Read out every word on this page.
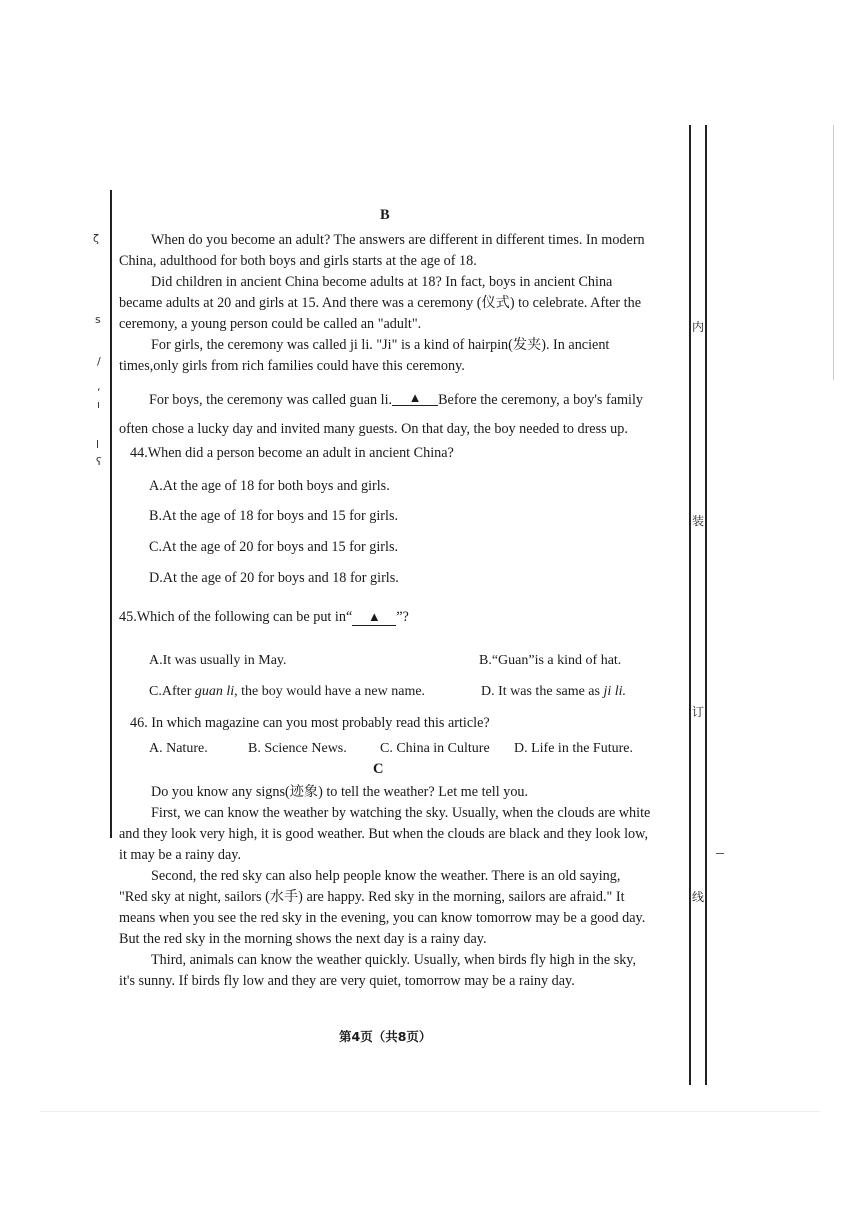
ζ
s
/
,
ı
l
ʕ
内
装
订
线
B
When do you become an adult? The answers are different in different times. In modern
China, adulthood for both boys and girls starts at the age of 18.
Did children in ancient China become adults at 18? In fact, boys in ancient China
became adults at 20 and girls at 15. And there was a ceremony (仪式) to celebrate. After the
ceremony, a young person could be called an "adult".
For girls, the ceremony was called ji li. "Ji" is a kind of hairpin(发夹). In ancient
times,only girls from rich families could have this ceremony.
For boys, the ceremony was called guan li. ▲ Before the ceremony, a boy's family
often chose a lucky day and invited many guests. On that day, the boy needed to dress up.
44.When did a person become an adult in ancient China?
A.At the age of 18 for both boys and girls.
B.At the age of 18 for boys and 15 for girls.
C.At the age of 20 for boys and 15 for girls.
D.At the age of 20 for boys and 18 for girls.
45.Which of the following can be put in“ ▲ ”?
A.It was usually in May.	B.“Guan”is a kind of hat.
C.After guan li, the boy would have a new name.	D. It was the same as ji li.
46. In which magazine can you most probably read this article?
A. Nature.	B. Science News. C. China in Culture D. Life in the Future.
C
Do you know any signs(迹象) to tell the weather? Let me tell you.
First, we can know the weather by watching the sky. Usually, when the clouds are white
and they look very high, it is good weather. But when the clouds are black and they look low,
it may be a rainy day.
Second, the red sky can also help people know the weather. There is an old saying,
"Red sky at night, sailors (水手) are happy. Red sky in the morning, sailors are afraid." It
means when you see the red sky in the evening, you can know tomorrow may be a good day.
But the red sky in the morning shows the next day is a rainy day.
Third, animals can know the weather quickly. Usually, when birds fly high in the sky,
it's sunny. If birds fly low and they are very quiet, tomorrow may be a rainy day.
第4页（共8页）
